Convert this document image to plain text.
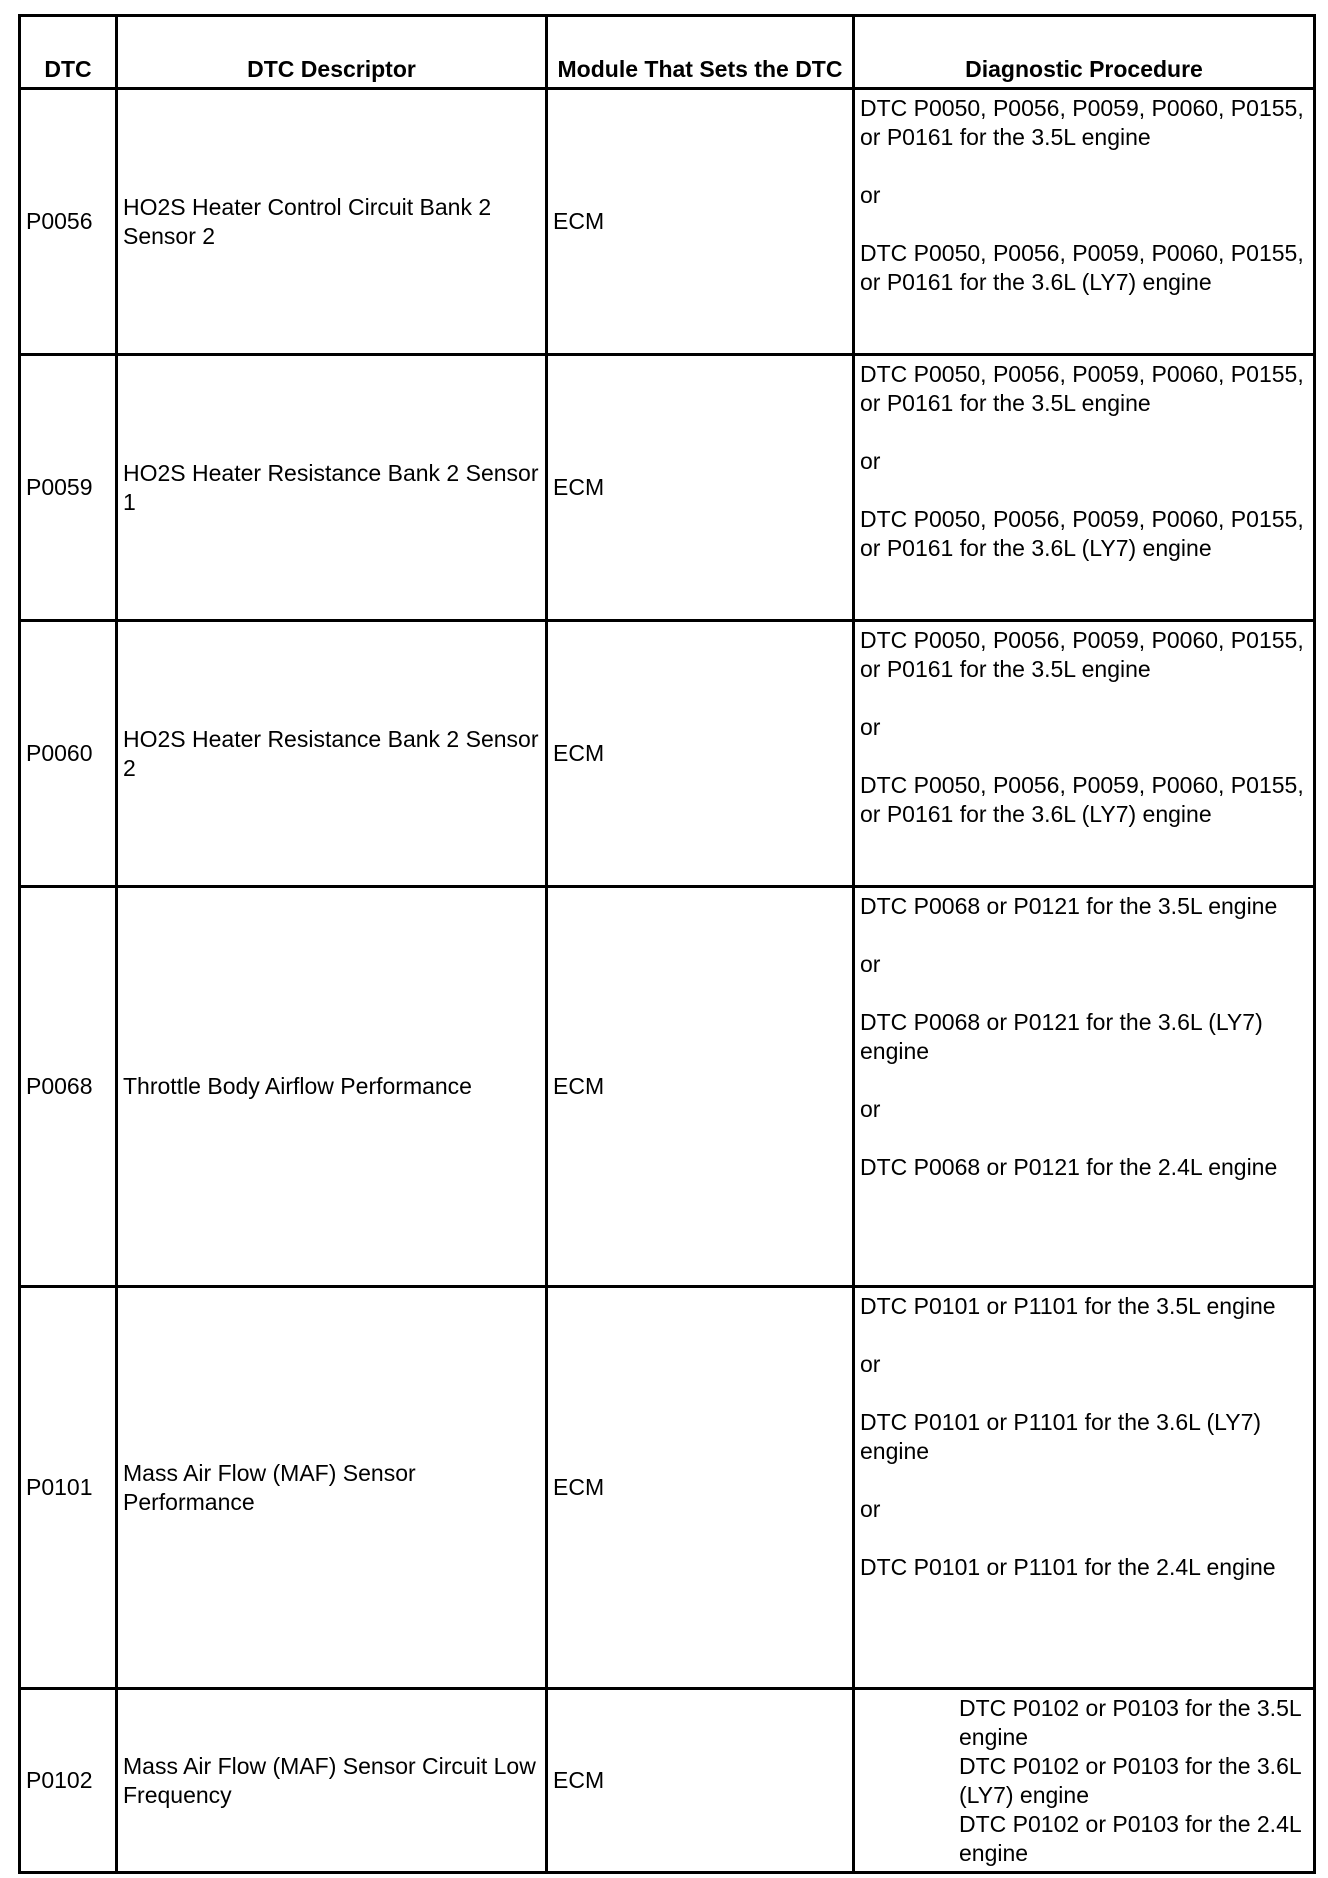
DTC	DTC Descriptor	Module That Sets the DTC	Diagnostic Procedure
P0056	HO2S Heater Control Circuit Bank 2 Sensor 2	ECM	DTC P0050, P0056, P0059, P0060, P0155, or P0161 for the 3.5L engine
or
DTC P0050, P0056, P0059, P0060, P0155, or P0161 for the 3.6L (LY7) engine

P0059	HO2S Heater Resistance Bank 2 Sensor 1	ECM	DTC P0050, P0056, P0059, P0060, P0155, or P0161 for the 3.5L engine
or
DTC P0050, P0056, P0059, P0060, P0155, or P0161 for the 3.6L (LY7) engine

P0060	HO2S Heater Resistance Bank 2 Sensor 2	ECM	DTC P0050, P0056, P0059, P0060, P0155, or P0161 for the 3.5L engine
or
DTC P0050, P0056, P0059, P0060, P0155, or P0161 for the 3.6L (LY7) engine

P0068	Throttle Body Airflow Performance	ECM	DTC P0068 or P0121 for the 3.5L engine
or
DTC P0068 or P0121 for the 3.6L (LY7) engine
or
DTC P0068 or P0121 for the 2.4L engine

P0101	Mass Air Flow (MAF) Sensor Performance	ECM	DTC P0101 or P1101 for the 3.5L engine
or
DTC P0101 or P1101 for the 3.6L (LY7) engine
or
DTC P0101 or P1101 for the 2.4L engine

P0102	Mass Air Flow (MAF) Sensor Circuit Low Frequency	ECM	DTC P0102 or P0103 for the 3.5L engine
DTC P0102 or P0103 for the 3.6L (LY7) engine
DTC P0102 or P0103 for the 2.4L engine
